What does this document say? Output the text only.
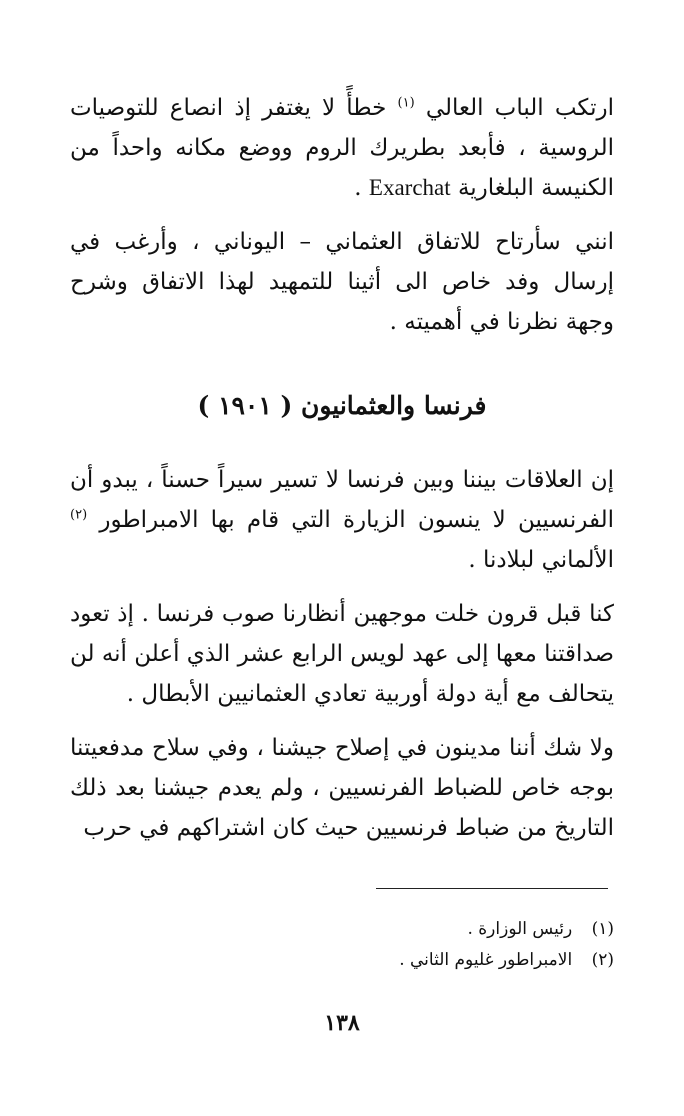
ارتكب الباب العالي $^{(١)}$ خطأً لا يغتفر إذ انصاع للتوصيات الروسية ، فأبعد بطريرك الروم ووضع مكانه واحداً من الكنيسة البلغارية Exarchat .

انني سأرتاح للاتفاق العثماني – اليوناني ، وأرغب في إرسال وفد خاص الى أثينا للتمهيد لهذا الاتفاق وشرح وجهة نظرنا في أهميته .

فرنسا والعثمانيون ( ١٩٠١ )

إن العلاقات بيننا وبين فرنسا لا تسير سيراً حسناً ، يبدو أن الفرنسيين لا ينسون الزيارة التي قام بها الامبراطور $^{(٢)}$ الألماني لبلادنا .

كنا قبل قرون خلت موجهين أنظارنا صوب فرنسا . إذ تعود صداقتنا معها إلى عهد لويس الرابع عشر الذي أعلن أنه لن يتحالف مع أية دولة أوربية تعادي العثمانيين الأبطال .

ولا شك أننا مدينون في إصلاح جيشنا ، وفي سلاح مدفعيتنا بوجه خاص للضباط الفرنسيين ، ولم يعدم جيشنا بعد ذلك التاريخ من ضباط فرنسيين حيث كان اشتراكهم في حرب

(١) رئيس الوزارة .
(٢) الامبراطور غليوم الثاني .
١٣٨
